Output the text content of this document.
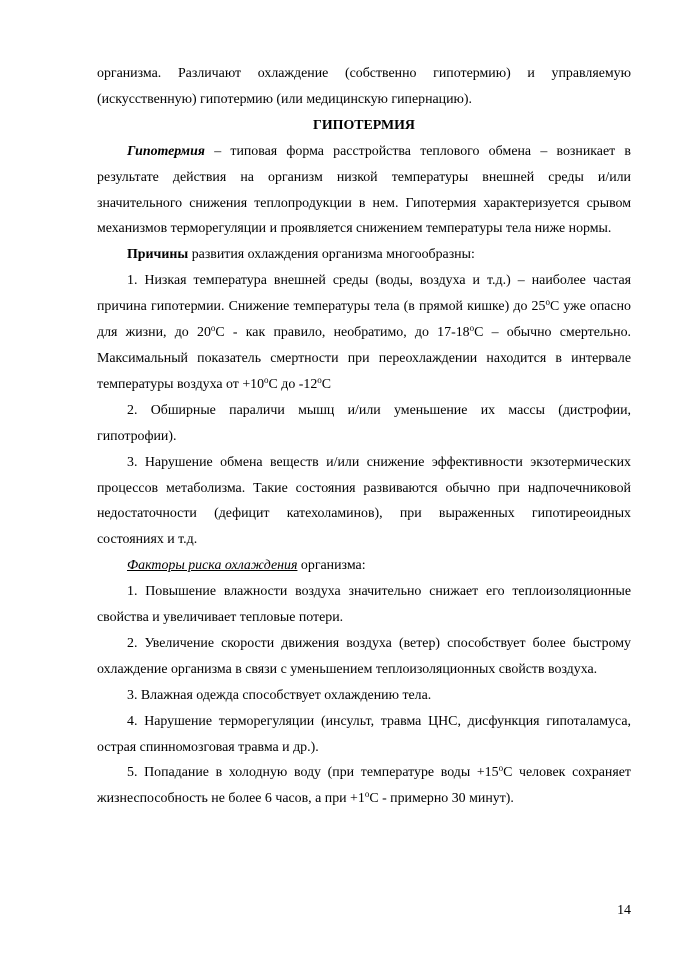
организма. Различают охлаждение (собственно гипотермию) и управляемую (искусственную) гипотермию (или медицинскую гипернацию).

ГИПОТЕРМИЯ

Гипотермия – типовая форма расстройства теплового обмена – возникает в результате действия на организм низкой температуры внешней среды и/или значительного снижения теплопродукции в нем. Гипотермия характеризуется срывом механизмов терморегуляции и проявляется снижением температуры тела ниже нормы.

Причины развития охлаждения организма многообразны:

1. Низкая температура внешней среды (воды, воздуха и т.д.) – наиболее частая причина гипотермии. Снижение температуры тела (в прямой кишке) до 25$^o$C уже опасно для жизни, до 20$^o$C - как правило, необратимо, до 17-18$^o$C – обычно смертельно. Максимальный показатель смертности при переохлаждении находится в интервале температуры воздуха от $+10^oC$ до -12$^o$C

2. Обширные параличи мышц и/или уменьшение их массы (дистрофии, гипотрофии).

3. Нарушение обмена веществ и/или снижение эффективности экзотермических процессов метаболизма. Такие состояния развиваются обычно при надпочечниковой недостаточности (дефицит катехоламинов), при выраженных гипотиреоидных состояниях и т.д.

Факторы риска охлаждения организма:

1. Повышение влажности воздуха значительно снижает его теплоизоляционные свойства и увеличивает тепловые потери.

2. Увеличение скорости движения воздуха (ветер) способствует более быстрому охлаждение организма в связи с уменьшением теплоизоляционных свойств воздуха.

3. Влажная одежда способствует охлаждению тела.

4. Нарушение терморегуляции (инсульт, травма ЦНС, дисфункция гипоталамуса, острая спинномозговая травма и др.).

5. Попадание в холодную воду (при температуре воды $+15^oC$ человек сохраняет жизнеспособность не более 6 часов, а при $+1^oC$ - примерно 30 минут).

14
